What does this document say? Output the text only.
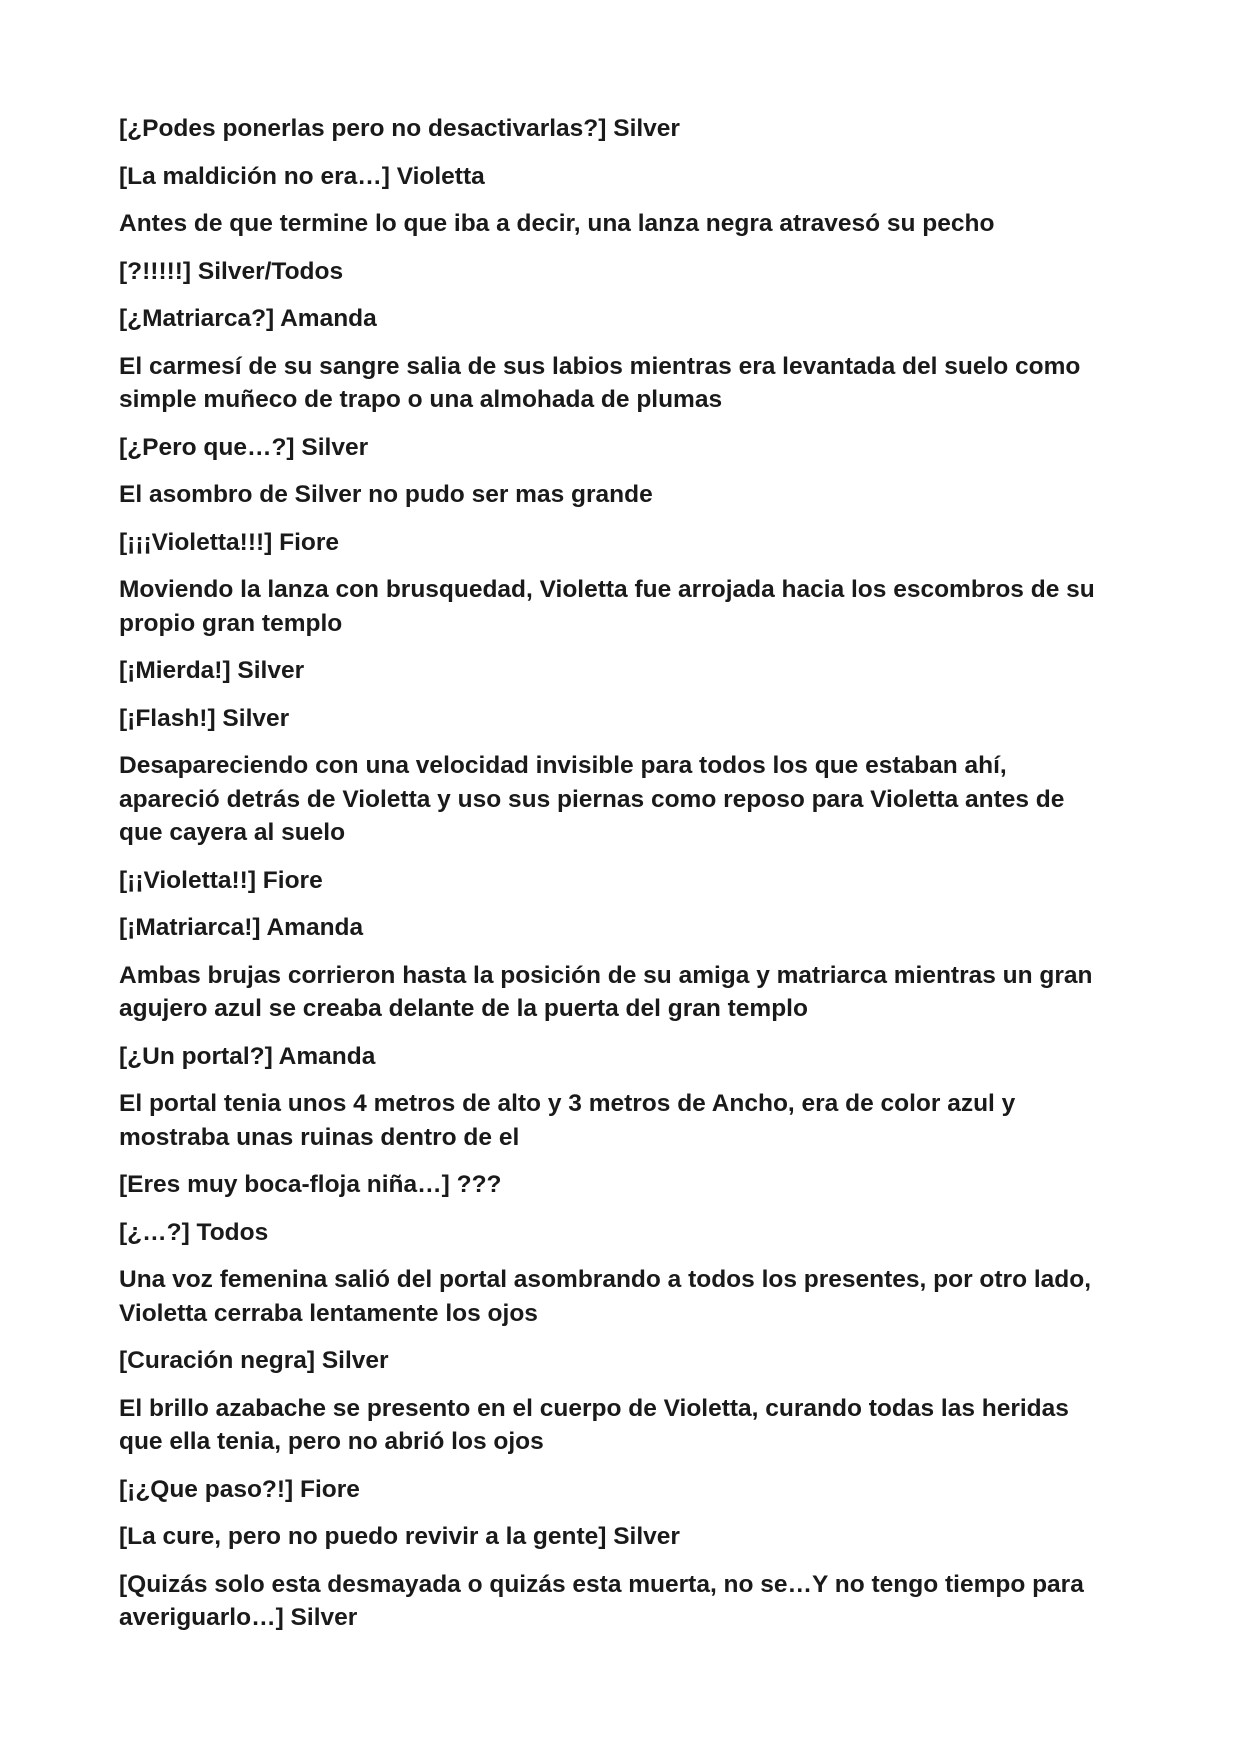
[¿Podes ponerlas pero no desactivarlas?] Silver

[La maldición no era…] Violetta

Antes de que termine lo que iba a decir, una lanza negra atravesó su pecho

[?!!!!!] Silver/Todos

[¿Matriarca?] Amanda

El carmesí de su sangre salia de sus labios mientras era levantada del suelo como
simple muñeco de trapo o una almohada de plumas

[¿Pero que…?] Silver

El asombro de Silver no pudo ser mas grande

[¡¡¡Violetta!!!] Fiore

Moviendo la lanza con brusquedad, Violetta fue arrojada hacia los escombros de su
propio gran templo

[¡Mierda!] Silver

[¡Flash!] Silver

Desapareciendo con una velocidad invisible para todos los que estaban ahí,
apareció detrás de Violetta y uso sus piernas como reposo para Violetta antes de
que cayera al suelo

[¡¡Violetta!!] Fiore

[¡Matriarca!] Amanda

Ambas brujas corrieron hasta la posición de su amiga y matriarca mientras un gran
agujero azul se creaba delante de la puerta del gran templo

[¿Un portal?] Amanda

El portal tenia unos 4 metros de alto y 3 metros de Ancho, era de color azul y
mostraba unas ruinas dentro de el

[Eres muy boca-floja niña…] ???

[¿…?] Todos

Una voz femenina salió del portal asombrando a todos los presentes, por otro lado,
Violetta cerraba lentamente los ojos

[Curación negra] Silver

El brillo azabache se presento en el cuerpo de Violetta, curando todas las heridas
que ella tenia, pero no abrió los ojos

[¡¿Que paso?!] Fiore

[La cure, pero no puedo revivir a la gente] Silver

[Quizás solo esta desmayada o quizás esta muerta, no se…Y no tengo tiempo para
averiguarlo…] Silver
